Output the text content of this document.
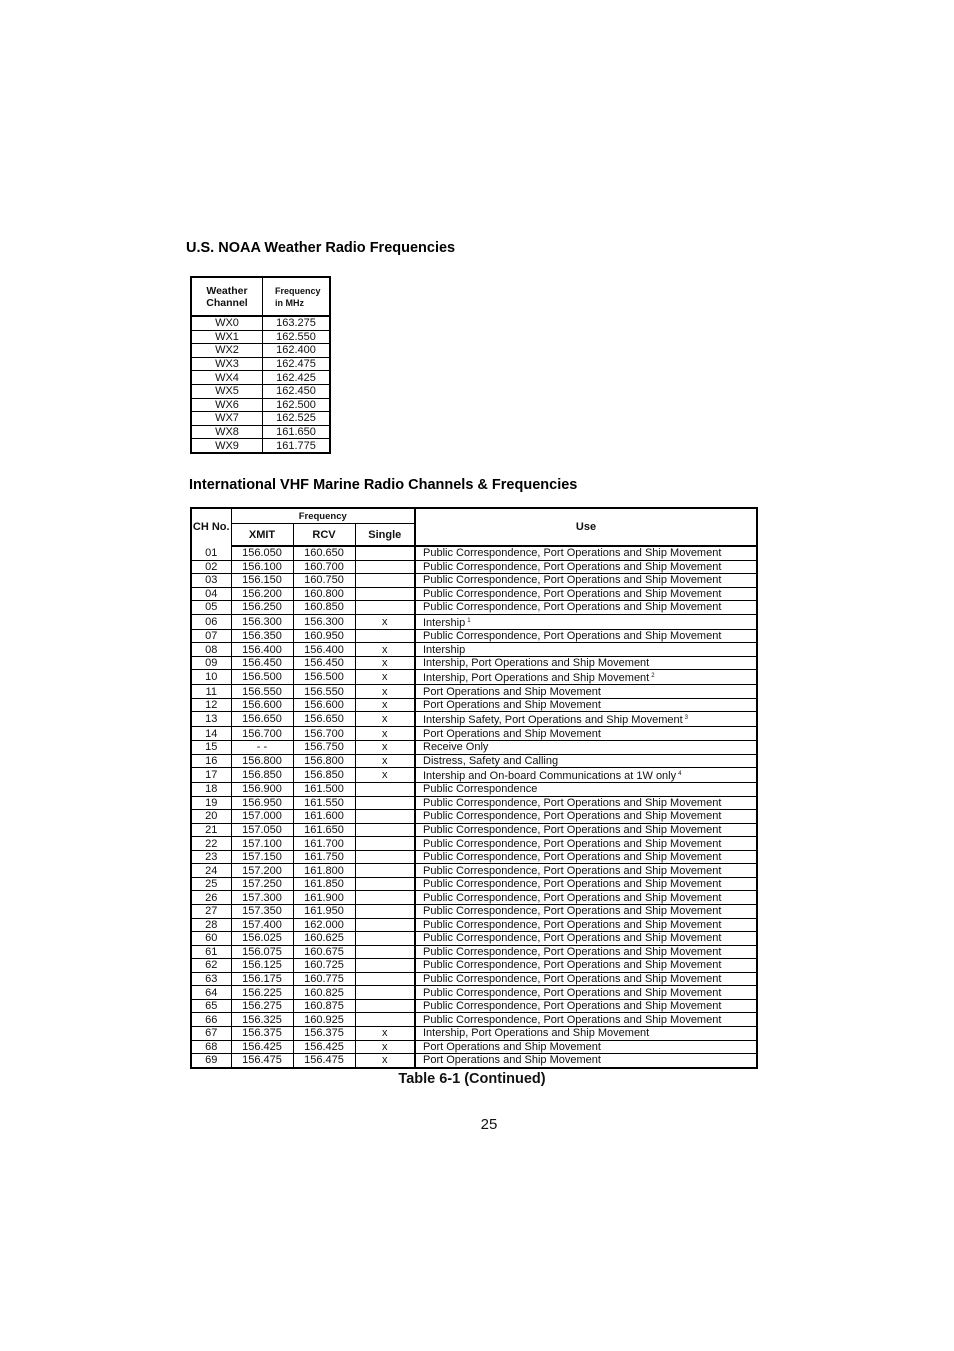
U.S. NOAA Weather Radio Frequencies
Weather Channel	Frequency in MHz
WX0	163.275
WX1	162.550
WX2	162.400
WX3	162.475
WX4	162.425
WX5	162.450
WX6	162.500
WX7	162.525
WX8	161.650
WX9	161.775
International VHF Marine Radio Channels & Frequencies
CH No.	Frequency			Use
	XMIT	RCV	Single	
01	156.050	160.650		Public Correspondence, Port Operations and Ship Movement
02	156.100	160.700		Public Correspondence, Port Operations and Ship Movement
03	156.150	160.750		Public Correspondence, Port Operations and Ship Movement
04	156.200	160.800		Public Correspondence, Port Operations and Ship Movement
05	156.250	160.850		Public Correspondence, Port Operations and Ship Movement
06	156.300	156.300	x	Intership $^1$
07	156.350	160.950		Public Correspondence, Port Operations and Ship Movement
08	156.400	156.400	x	Intership
09	156.450	156.450	x	Intership, Port Operations and Ship Movement
10	156.500	156.500	x	Intership, Port Operations and Ship Movement $^2$
11	156.550	156.550	x	Port Operations and Ship Movement
12	156.600	156.600	x	Port Operations and Ship Movement
13	156.650	156.650	x	Intership Safety, Port Operations and Ship Movement $^3$
14	156.700	156.700	x	Port Operations and Ship Movement
15	- -	156.750	x	Receive Only
16	156.800	156.800	x	Distress, Safety and Calling
17	156.850	156.850	x	Intership and On-board Communications at 1W only $^4$
18	156.900	161.500		Public Correspondence
19	156.950	161.550		Public Correspondence, Port Operations and Ship Movement
20	157.000	161.600		Public Correspondence, Port Operations and Ship Movement
21	157.050	161.650		Public Correspondence, Port Operations and Ship Movement
22	157.100	161.700		Public Correspondence, Port Operations and Ship Movement
23	157.150	161.750		Public Correspondence, Port Operations and Ship Movement
24	157.200	161.800		Public Correspondence, Port Operations and Ship Movement
25	157.250	161.850		Public Correspondence, Port Operations and Ship Movement
26	157.300	161.900		Public Correspondence, Port Operations and Ship Movement
27	157.350	161.950		Public Correspondence, Port Operations and Ship Movement
28	157.400	162.000		Public Correspondence, Port Operations and Ship Movement
60	156.025	160.625		Public Correspondence, Port Operations and Ship Movement
61	156.075	160.675		Public Correspondence, Port Operations and Ship Movement
62	156.125	160.725		Public Correspondence, Port Operations and Ship Movement
63	156.175	160.775		Public Correspondence, Port Operations and Ship Movement
64	156.225	160.825		Public Correspondence, Port Operations and Ship Movement
65	156.275	160.875		Public Correspondence, Port Operations and Ship Movement
66	156.325	160.925		Public Correspondence, Port Operations and Ship Movement
67	156.375	156.375	x	Intership, Port Operations and Ship Movement
68	156.425	156.425	x	Port Operations and Ship Movement
69	156.475	156.475	x	Port Operations and Ship Movement
Table 6-1 (Continued)
25
